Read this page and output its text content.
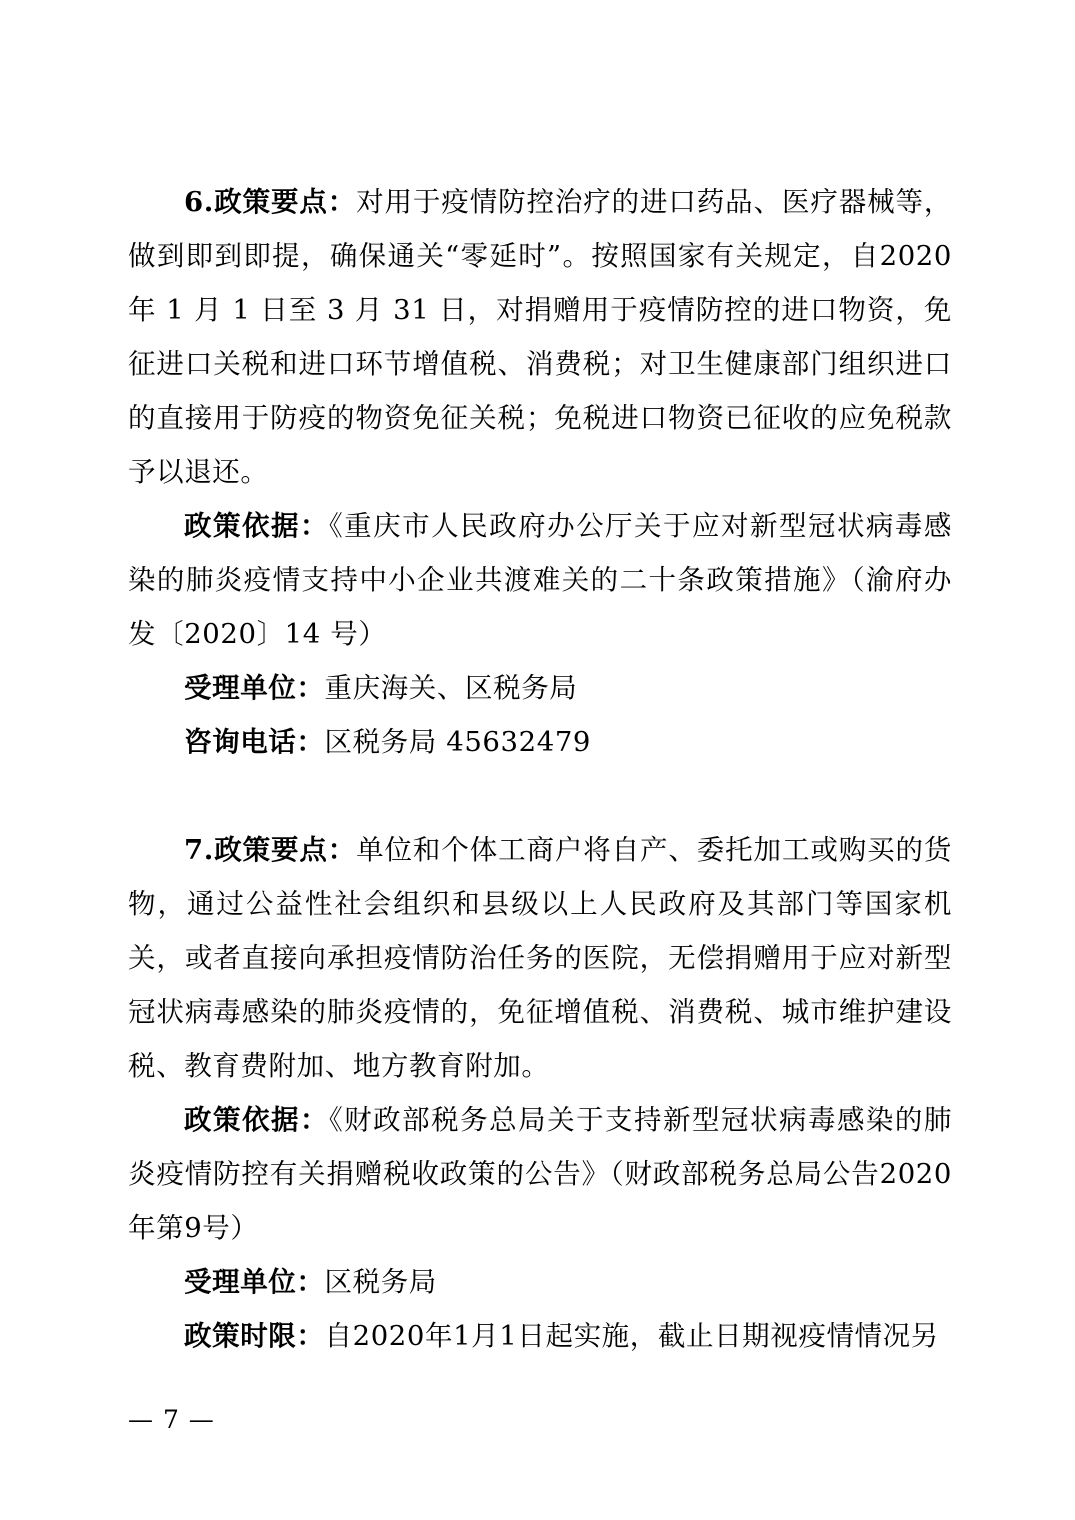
6.政策要点：对用于疫情防控治疗的进口药品、医疗器械等，做到即到即提，确保通关“零延时”。按照国家有关规定，自2020 年 1 月 1 日至 3 月 31 日，对捐赠用于疫情防控的进口物资，免征进口关税和进口环节增值税、消费税；对卫生健康部门组织进口的直接用于防疫的物资免征关税；免税进口物资已征收的应免税款予以退还。

政策依据：《重庆市人民政府办公厅关于应对新型冠状病毒感染的肺炎疫情支持中小企业共渡难关的二十条政策措施》（渝府办发〔2020〕14 号）

受理单位：重庆海关、区税务局

咨询电话：区税务局 45632479

7.政策要点：单位和个体工商户将自产、委托加工或购买的货物，通过公益性社会组织和县级以上人民政府及其部门等国家机关，或者直接向承担疫情防治任务的医院，无偿捐赠用于应对新型冠状病毒感染的肺炎疫情的，免征增值税、消费税、城市维护建设税、教育费附加、地方教育附加。

政策依据：《财政部税务总局关于支持新型冠状病毒感染的肺炎疫情防控有关捐赠税收政策的公告》（财政部税务总局公告2020年第9号）

受理单位：区税务局

政策时限：自2020年1月1日起实施，截止日期视疫情情况另

— 7 —
